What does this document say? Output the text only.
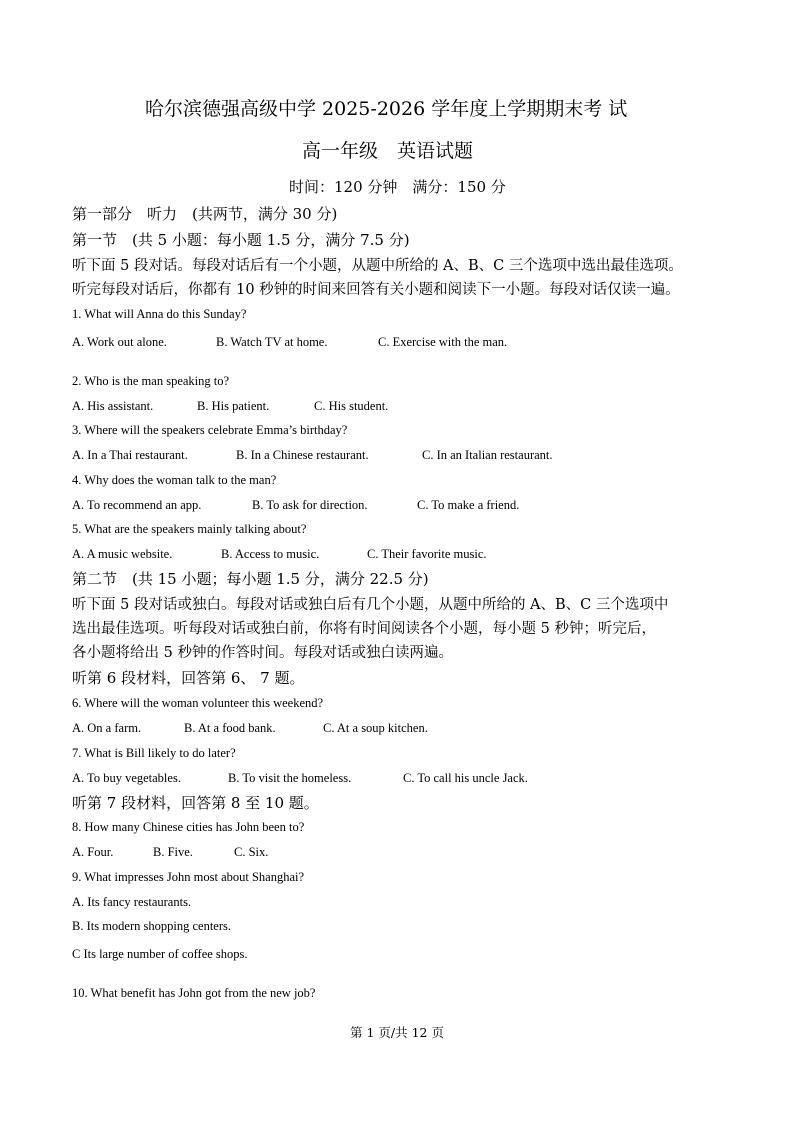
哈尔滨德强高级中学 2025-2026 学年度上学期期末考 试
高一年级　英语试题
时间：120 分钟　满分：150 分
第一部分　听力　(共两节，满分 30 分)
第一节　(共 5 小题：每小题 1.5 分，满分 7.5 分)
听下面 5 段对话。每段对话后有一个小题，从题中所给的 A、B、C 三个选项中选出最佳选项。
听完每段对话后，你都有 10 秒钟的时间来回答有关小题和阅读下一小题。每段对话仅读一遍。
1. What will Anna do this Sunday?
A. Work out alone.	B. Watch TV at home.	C. Exercise with the man.
2. Who is the man speaking to?
A. His assistant.	B. His patient.	C. His student.
3. Where will the speakers celebrate Emma’s birthday?
A. In a Thai restaurant.	B. In a Chinese restaurant.	C. In an Italian restaurant.
4. Why does the woman talk to the man?
A. To recommend an app.	B. To ask for direction.	C. To make a friend.
5. What are the speakers mainly talking about?
A. A music website.	B. Access to music.	C. Their favorite music.
第二节　(共 15 小题；每小题 1.5 分，满分 22.5 分)
听下面 5 段对话或独白。每段对话或独白后有几个小题，从题中所给的 A、B、C 三个选项中
选出最佳选项。听每段对话或独白前，你将有时间阅读各个小题，每小题 5 秒钟；听完后，
各小题将给出 5 秒钟的作答时间。每段对话或独白读两遍。
听第 6 段材料，回答第 6、 7 题。
6. Where will the woman volunteer this weekend?
A. On a farm.	B. At a food bank.	C. At a soup kitchen.
7. What is Bill likely to do later?
A. To buy vegetables.	B. To visit the homeless.	C. To call his uncle Jack.
听第 7 段材料，回答第 8 至 10 题。
8. How many Chinese cities has John been to?
A. Four.	B. Five.	C. Six.
9. What impresses John most about Shanghai?
A. Its fancy restaurants.
B. Its modern shopping centers.
C Its large number of coffee shops.
10. What benefit has John got from the new job?
第 1 页/共 12 页
